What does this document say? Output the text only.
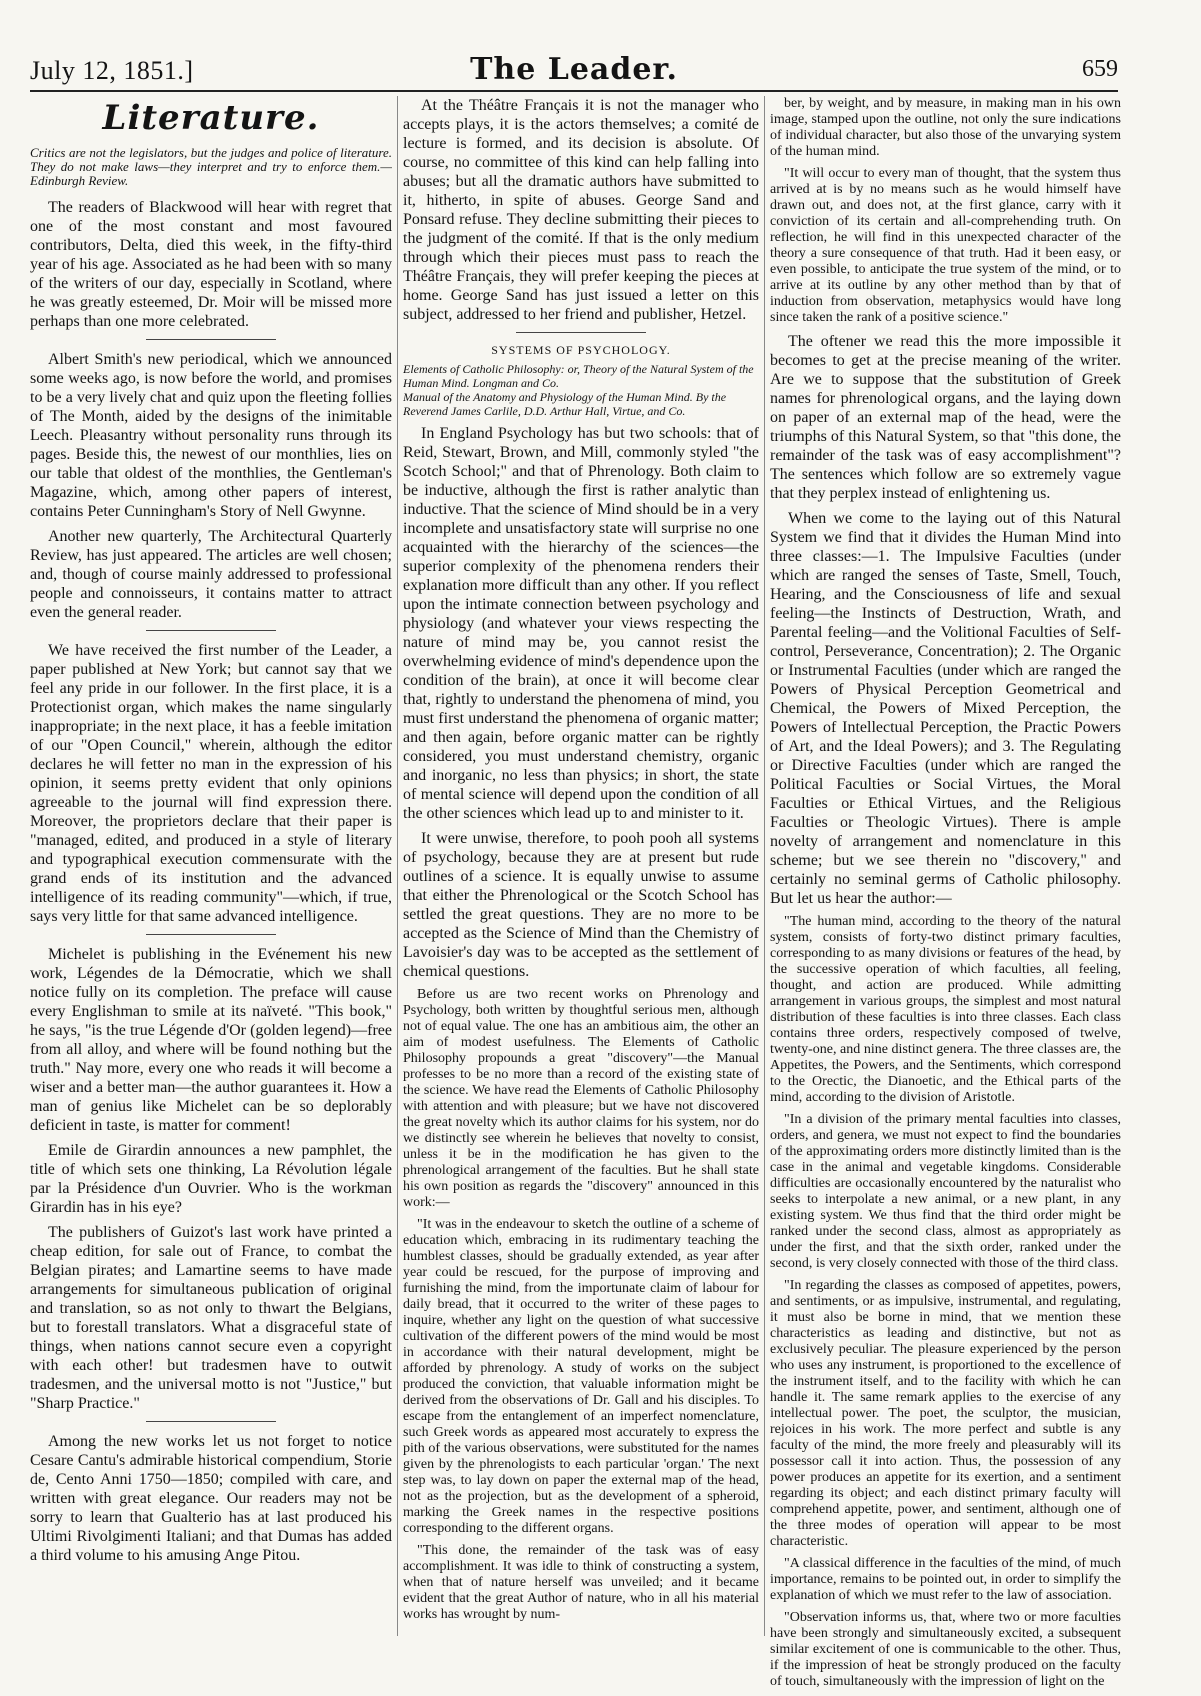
July 12, 1851.]	The Leader.	659
Literature.
Critics are not the legislators, but the judges and police of literature. They do not make laws—they interpret and try to enforce them.—Edinburgh Review.

The readers of Blackwood will hear with regret that one of the most constant and most favoured contributors, Delta, died this week, in the fifty-third year of his age. Associated as he had been with so many of the writers of our day, especially in Scotland, where he was greatly esteemed, Dr. Moir will be missed more perhaps than one more celebrated.

Albert Smith's new periodical, which we announced some weeks ago, is now before the world, and promises to be a very lively chat and quiz upon the fleeting follies of The Month, aided by the designs of the inimitable Leech. Pleasantry without personality runs through its pages. Beside this, the newest of our monthlies, lies on our table that oldest of the monthlies, the Gentleman's Magazine, which, among other papers of interest, contains Peter Cunningham's Story of Nell Gwynne.

Another new quarterly, The Architectural Quarterly Review, has just appeared. The articles are well chosen; and, though of course mainly addressed to professional people and connoisseurs, it contains matter to attract even the general reader.

We have received the first number of the Leader, a paper published at New York; but cannot say that we feel any pride in our follower. In the first place, it is a Protectionist organ, which makes the name singularly inappropriate; in the next place, it has a feeble imitation of our "Open Council," wherein, although the editor declares he will fetter no man in the expression of his opinion, it seems pretty evident that only opinions agreeable to the journal will find expression there. Moreover, the proprietors declare that their paper is "managed, edited, and produced in a style of literary and typographical execution commensurate with the grand ends of its institution and the advanced intelligence of its reading community"—which, if true, says very little for that same advanced intelligence.

Michelet is publishing in the Evénement his new work, Légendes de la Démocratie, which we shall notice fully on its completion. The preface will cause every Englishman to smile at its naïveté. "This book," he says, "is the true Légende d'Or (golden legend)—free from all alloy, and where will be found nothing but the truth." Nay more, every one who reads it will become a wiser and a better man—the author guarantees it. How a man of genius like Michelet can be so deplorably deficient in taste, is matter for comment!

Emile de Girardin announces a new pamphlet, the title of which sets one thinking, La Révolution légale par la Présidence d'un Ouvrier. Who is the workman Girardin has in his eye?

The publishers of Guizot's last work have printed a cheap edition, for sale out of France, to combat the Belgian pirates; and Lamartine seems to have made arrangements for simultaneous publication of original and translation, so as not only to thwart the Belgians, but to forestall translators. What a disgraceful state of things, when nations cannot secure even a copyright with each other! but tradesmen have to outwit tradesmen, and the universal motto is not "Justice," but "Sharp Practice."

Among the new works let us not forget to notice Cesare Cantu's admirable historical compendium, Storie de, Cento Anni 1750—1850; compiled with care, and written with great elegance. Our readers may not be sorry to learn that Gualterio has at last produced his Ultimi Rivolgimenti Italiani; and that Dumas has added a third volume to his amusing Ange Pitou.

At the Théâtre Français it is not the manager who accepts plays, it is the actors themselves; a comité de lecture is formed, and its decision is absolute. Of course, no committee of this kind can help falling into abuses; but all the dramatic authors have submitted to it, hitherto, in spite of abuses. George Sand and Ponsard refuse. They decline submitting their pieces to the judgment of the comité. If that is the only medium through which their pieces must pass to reach the Théâtre Français, they will prefer keeping the pieces at home. George Sand has just issued a letter on this subject, addressed to her friend and publisher, Hetzel.

SYSTEMS OF PSYCHOLOGY.
Elements of Catholic Philosophy: or, Theory of the Natural System of the Human Mind. Longman and Co.
Manual of the Anatomy and Physiology of the Human Mind. By the Reverend James Carlile, D.D. Arthur Hall, Virtue, and Co.

In England Psychology has but two schools: that of Reid, Stewart, Brown, and Mill, commonly styled "the Scotch School;" and that of Phrenology. Both claim to be inductive, although the first is rather analytic than inductive. That the science of Mind should be in a very incomplete and unsatisfactory state will surprise no one acquainted with the hierarchy of the sciences—the superior complexity of the phenomena renders their explanation more difficult than any other. If you reflect upon the intimate connection between psychology and physiology (and whatever your views respecting the nature of mind may be, you cannot resist the overwhelming evidence of mind's dependence upon the condition of the brain), at once it will become clear that, rightly to understand the phenomena of mind, you must first understand the phenomena of organic matter; and then again, before organic matter can be rightly considered, you must understand chemistry, organic and inorganic, no less than physics; in short, the state of mental science will depend upon the condition of all the other sciences which lead up to and minister to it.

It were unwise, therefore, to pooh pooh all systems of psychology, because they are at present but rude outlines of a science. It is equally unwise to assume that either the Phrenological or the Scotch School has settled the great questions. They are no more to be accepted as the Science of Mind than the Chemistry of Lavoisier's day was to be accepted as the settlement of chemical questions.

Before us are two recent works on Phrenology and Psychology, both written by thoughtful serious men, although not of equal value. The one has an ambitious aim, the other an aim of modest usefulness. The Elements of Catholic Philosophy propounds a great "discovery"—the Manual professes to be no more than a record of the existing state of the science. We have read the Elements of Catholic Philosophy with attention and with pleasure; but we have not discovered the great novelty which its author claims for his system, nor do we distinctly see wherein he believes that novelty to consist, unless it be in the modification he has given to the phrenological arrangement of the faculties. But he shall state his own position as regards the "discovery" announced in this work:—

"It was in the endeavour to sketch the outline of a scheme of education which, embracing in its rudimentary teaching the humblest classes, should be gradually extended, as year after year could be rescued, for the purpose of improving and furnishing the mind, from the importunate claim of labour for daily bread, that it occurred to the writer of these pages to inquire, whether any light on the question of what successive cultivation of the different powers of the mind would be most in accordance with their natural development, might be afforded by phrenology. A study of works on the subject produced the conviction, that valuable information might be derived from the observations of Dr. Gall and his disciples. To escape from the entanglement of an imperfect nomenclature, such Greek words as appeared most accurately to express the pith of the various observations, were substituted for the names given by the phrenologists to each particular 'organ.' The next step was, to lay down on paper the external map of the head, not as the projection, but as the development of a spheroid, marking the Greek names in the respective positions corresponding to the different organs.

"This done, the remainder of the task was of easy accomplishment. It was idle to think of constructing a system, when that of nature herself was unveiled; and it became evident that the great Author of nature, who in all his material works has wrought by num-

ber, by weight, and by measure, in making man in his own image, stamped upon the outline, not only the sure indications of individual character, but also those of the unvarying system of the human mind.

"It will occur to every man of thought, that the system thus arrived at is by no means such as he would himself have drawn out, and does not, at the first glance, carry with it conviction of its certain and all-comprehending truth. On reflection, he will find in this unexpected character of the theory a sure consequence of that truth. Had it been easy, or even possible, to anticipate the true system of the mind, or to arrive at its outline by any other method than by that of induction from observation, metaphysics would have long since taken the rank of a positive science."

The oftener we read this the more impossible it becomes to get at the precise meaning of the writer. Are we to suppose that the substitution of Greek names for phrenological organs, and the laying down on paper of an external map of the head, were the triumphs of this Natural System, so that "this done, the remainder of the task was of easy accomplishment"? The sentences which follow are so extremely vague that they perplex instead of enlightening us.

When we come to the laying out of this Natural System we find that it divides the Human Mind into three classes:—1. The Impulsive Faculties (under which are ranged the senses of Taste, Smell, Touch, Hearing, and the Consciousness of life and sexual feeling—the Instincts of Destruction, Wrath, and Parental feeling—and the Volitional Faculties of Self-control, Perseverance, Concentration); 2. The Organic or Instrumental Faculties (under which are ranged the Powers of Physical Perception Geometrical and Chemical, the Powers of Mixed Perception, the Powers of Intellectual Perception, the Practic Powers of Art, and the Ideal Powers); and 3. The Regulating or Directive Faculties (under which are ranged the Political Faculties or Social Virtues, the Moral Faculties or Ethical Virtues, and the Religious Faculties or Theologic Virtues). There is ample novelty of arrangement and nomenclature in this scheme; but we see therein no "discovery," and certainly no seminal germs of Catholic philosophy. But let us hear the author:—

"The human mind, according to the theory of the natural system, consists of forty-two distinct primary faculties, corresponding to as many divisions or features of the head, by the successive operation of which faculties, all feeling, thought, and action are produced. While admitting arrangement in various groups, the simplest and most natural distribution of these faculties is into three classes. Each class contains three orders, respectively composed of twelve, twenty-one, and nine distinct genera. The three classes are, the Appetites, the Powers, and the Sentiments, which correspond to the Orectic, the Dianoetic, and the Ethical parts of the mind, according to the division of Aristotle.

"In a division of the primary mental faculties into classes, orders, and genera, we must not expect to find the boundaries of the approximating orders more distinctly limited than is the case in the animal and vegetable kingdoms. Considerable difficulties are occasionally encountered by the naturalist who seeks to interpolate a new animal, or a new plant, in any existing system. We thus find that the third order might be ranked under the second class, almost as appropriately as under the first, and that the sixth order, ranked under the second, is very closely connected with those of the third class.

"In regarding the classes as composed of appetites, powers, and sentiments, or as impulsive, instrumental, and regulating, it must also be borne in mind, that we mention these characteristics as leading and distinctive, but not as exclusively peculiar. The pleasure experienced by the person who uses any instrument, is proportioned to the excellence of the instrument itself, and to the facility with which he can handle it. The same remark applies to the exercise of any intellectual power. The poet, the sculptor, the musician, rejoices in his work. The more perfect and subtle is any faculty of the mind, the more freely and pleasurably will its possessor call it into action. Thus, the possession of any power produces an appetite for its exertion, and a sentiment regarding its object; and each distinct primary faculty will comprehend appetite, power, and sentiment, although one of the three modes of operation will appear to be most characteristic.

"A classical difference in the faculties of the mind, of much importance, remains to be pointed out, in order to simplify the explanation of which we must refer to the law of association.

"Observation informs us, that, where two or more faculties have been strongly and simultaneously excited, a subsequent similar excitement of one is communicable to the other. Thus, if the impression of heat be strongly produced on the faculty of touch, simultaneously with the impression of light on the
